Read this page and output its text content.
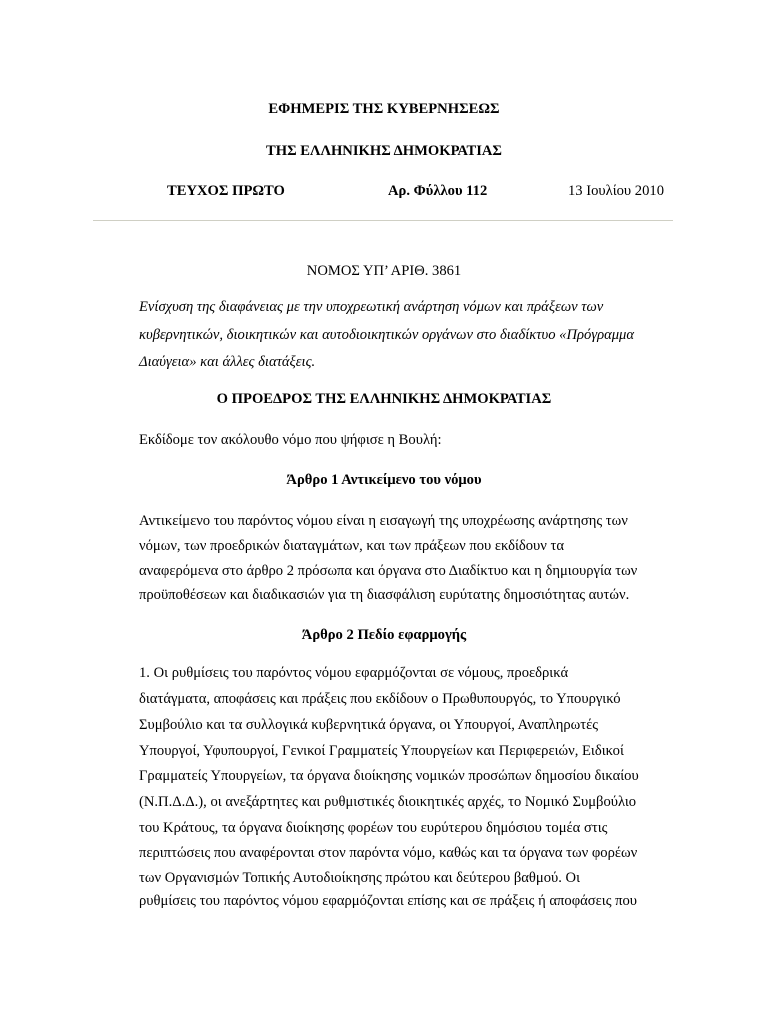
ΕΦΗΜΕΡΙΣ ΤΗΣ ΚΥΒΕΡΝΗΣΕΩΣ
ΤΗΣ ΕΛΛΗΝΙΚΗΣ ΔΗΜΟΚΡΑΤΙΑΣ
ΤΕΥΧΟΣ ΠΡΩΤΟ	Αρ. Φύλλου 112	13 Ιουλίου 2010
ΝΟΜΟΣ ΥΠ’ ΑΡΙΘ. 3861
Ενίσχυση της διαφάνειας με την υποχρεωτική ανάρτηση νόμων και πράξεων των
κυβερνητικών, διοικητικών και αυτοδιοικητικών οργάνων στο διαδίκτυο «Πρόγραμμα
Διαύγεια» και άλλες διατάξεις.
Ο ΠΡΟΕΔΡΟΣ ΤΗΣ ΕΛΛΗΝΙΚΗΣ ΔΗΜΟΚΡΑΤΙΑΣ
Εκδίδομε τον ακόλουθο νόμο που ψήφισε η Βουλή:
Άρθρο 1 Αντικείμενο του νόμου
Αντικείμενο του παρόντος νόμου είναι η εισαγωγή της υποχρέωσης ανάρτησης των
νόμων, των προεδρικών διαταγμάτων, και των πράξεων που εκδίδουν τα
αναφερόμενα στο άρθρο 2 πρόσωπα και όργανα στο Διαδίκτυο και η δημιουργία των
προϋποθέσεων και διαδικασιών για τη διασφάλιση ευρύτατης δημοσιότητας αυτών.
Άρθρο 2 Πεδίο εφαρμογής
1. Οι ρυθμίσεις του παρόντος νόμου εφαρμόζονται σε νόμους, προεδρικά
διατάγματα, αποφάσεις και πράξεις που εκδίδουν ο Πρωθυπουργός, το Υπουργικό
Συμβούλιο και τα συλλογικά κυβερνητικά όργανα, οι Υπουργοί, Αναπληρωτές
Υπουργοί, Υφυπουργοί, Γενικοί Γραμματείς Υπουργείων και Περιφερειών, Ειδικοί
Γραμματείς Υπουργείων, τα όργανα διοίκησης νομικών προσώπων δημοσίου δικαίου
(Ν.Π.Δ.Δ.), οι ανεξάρτητες και ρυθμιστικές διοικητικές αρχές, το Νομικό Συμβούλιο
του Κράτους, τα όργανα διοίκησης φορέων του ευρύτερου δημόσιου τομέα στις
περιπτώσεις που αναφέρονται στον παρόντα νόμο, καθώς και τα όργανα των φορέων
των Οργανισμών Τοπικής Αυτοδιοίκησης πρώτου και δεύτερου βαθμού. Οι
ρυθμίσεις του παρόντος νόμου εφαρμόζονται επίσης και σε πράξεις ή αποφάσεις που
